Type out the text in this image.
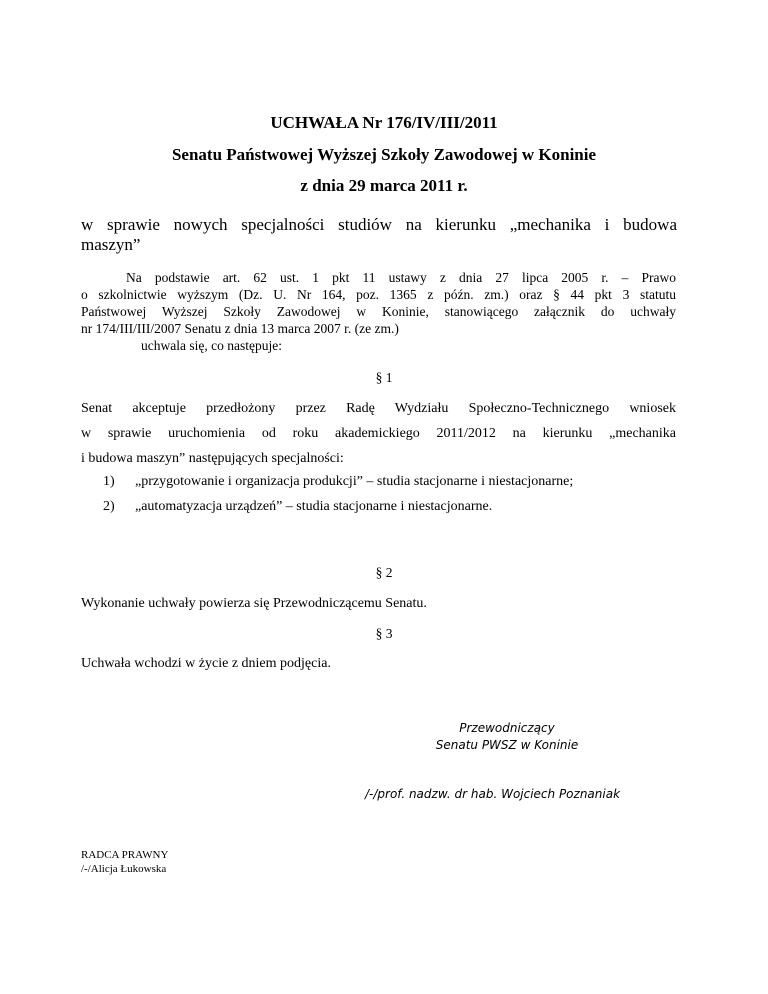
UCHWAŁA Nr 176/IV/III/2011
Senatu Państwowej Wyższej Szkoły Zawodowej w Koninie
z dnia 29 marca 2011 r.
w sprawie nowych specjalności studiów na kierunku „mechanika i budowa
maszyn”
Na podstawie art. 62 ust. 1 pkt 11 ustawy z dnia 27 lipca 2005 r. – Prawo
o szkolnictwie wyższym (Dz. U. Nr 164, poz. 1365 z późn. zm.) oraz § 44 pkt 3 statutu
Państwowej Wyższej Szkoły Zawodowej w Koninie, stanowiącego załącznik do uchwały
nr 174/III/III/2007 Senatu z dnia 13 marca 2007 r. (ze zm.)
uchwala się, co następuje:
§ 1
Senat akceptuje przedłożony przez Radę Wydziału Społeczno-Technicznego wniosek
w sprawie uruchomienia od roku akademickiego 2011/2012 na kierunku „mechanika
i budowa maszyn” następujących specjalności:
1) „przygotowanie i organizacja produkcji” – studia stacjonarne i niestacjonarne;
2) „automatyzacja urządzeń” – studia stacjonarne i niestacjonarne.
§ 2
Wykonanie uchwały powierza się Przewodniczącemu Senatu.
§ 3
Uchwała wchodzi w życie z dniem podjęcia.
Przewodniczący
Senatu PWSZ w Koninie
/-/prof. nadzw. dr hab. Wojciech Poznaniak
RADCA PRAWNY
/-/Alicja Łukowska
